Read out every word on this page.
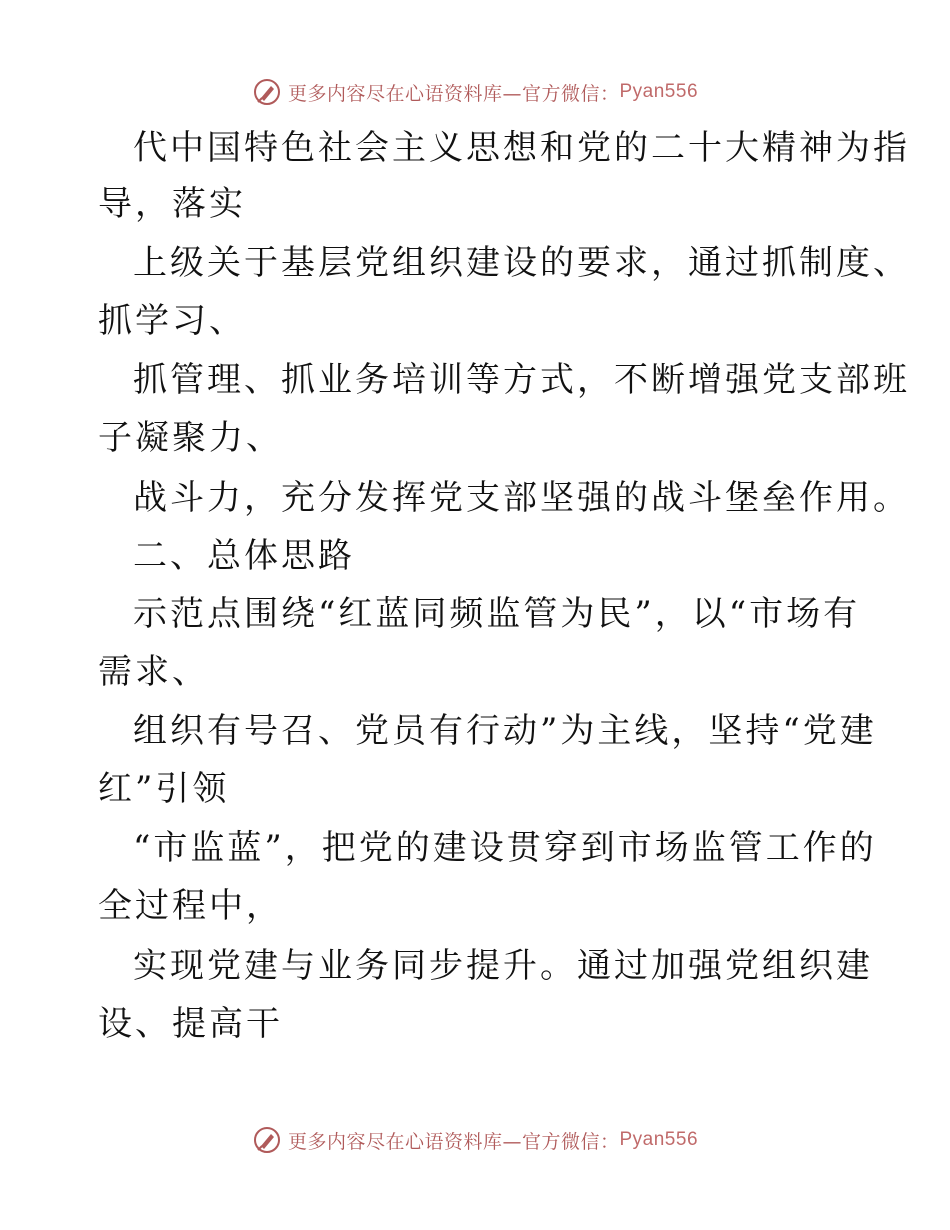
更多内容尽在心语资料库—官方微信： Pyan556
代中国特色社会主义思想和党的二十大精神为指
导，落实
上级关于基层党组织建设的要求，通过抓制度、
抓学习、
抓管理、抓业务培训等方式，不断增强党支部班
子凝聚力、
战斗力，充分发挥党支部坚强的战斗堡垒作用。
二、总体思路
示范点围绕“红蓝同频监管为民”，以“市场有
需求、
组织有号召、党员有行动”为主线，坚持“党建
红”引领
“市监蓝”，把党的建设贯穿到市场监管工作的
全过程中，
实现党建与业务同步提升。通过加强党组织建
设、提高干
更多内容尽在心语资料库—官方微信： Pyan556
